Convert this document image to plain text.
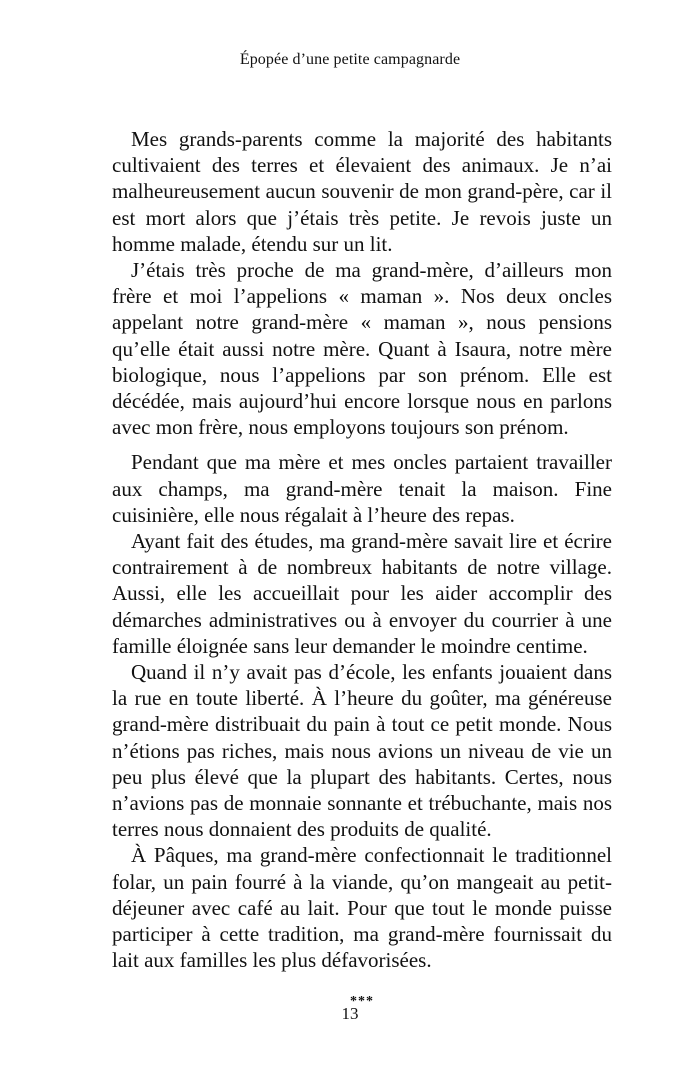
Épopée d’une petite campagnarde

Mes grands-parents comme la majorité des habitants cultivaient des terres et élevaient des animaux. Je n’ai malheureusement aucun souvenir de mon grand-père, car il est mort alors que j’étais très petite. Je revois juste un homme malade, étendu sur un lit.

J’étais très proche de ma grand-mère, d’ailleurs mon frère et moi l’appelions « maman ». Nos deux oncles appelant notre grand-mère « maman », nous pensions qu’elle était aussi notre mère. Quant à Isaura, notre mère biologique, nous l’appelions par son prénom. Elle est décédée, mais aujourd’hui encore lorsque nous en parlons avec mon frère, nous employons toujours son prénom.

Pendant que ma mère et mes oncles partaient travailler aux champs, ma grand-mère tenait la maison. Fine cuisinière, elle nous régalait à l’heure des repas.

Ayant fait des études, ma grand-mère savait lire et écrire contrairement à de nombreux habitants de notre village. Aussi, elle les accueillait pour les aider accomplir des démarches administratives ou à envoyer du courrier à une famille éloignée sans leur demander le moindre centime.

Quand il n’y avait pas d’école, les enfants jouaient dans la rue en toute liberté. À l’heure du goûter, ma généreuse grand-mère distribuait du pain à tout ce petit monde. Nous n’étions pas riches, mais nous avions un niveau de vie un peu plus élevé que la plupart des habitants. Certes, nous n’avions pas de monnaie sonnante et trébuchante, mais nos terres nous donnaient des produits de qualité.

À Pâques, ma grand-mère confectionnait le traditionnel folar, un pain fourré à la viande, qu’on mangeait au petit-déjeuner avec café au lait. Pour que tout le monde puisse participer à cette tradition, ma grand-mère fournissait du lait aux familles les plus défavorisées.

***
13
